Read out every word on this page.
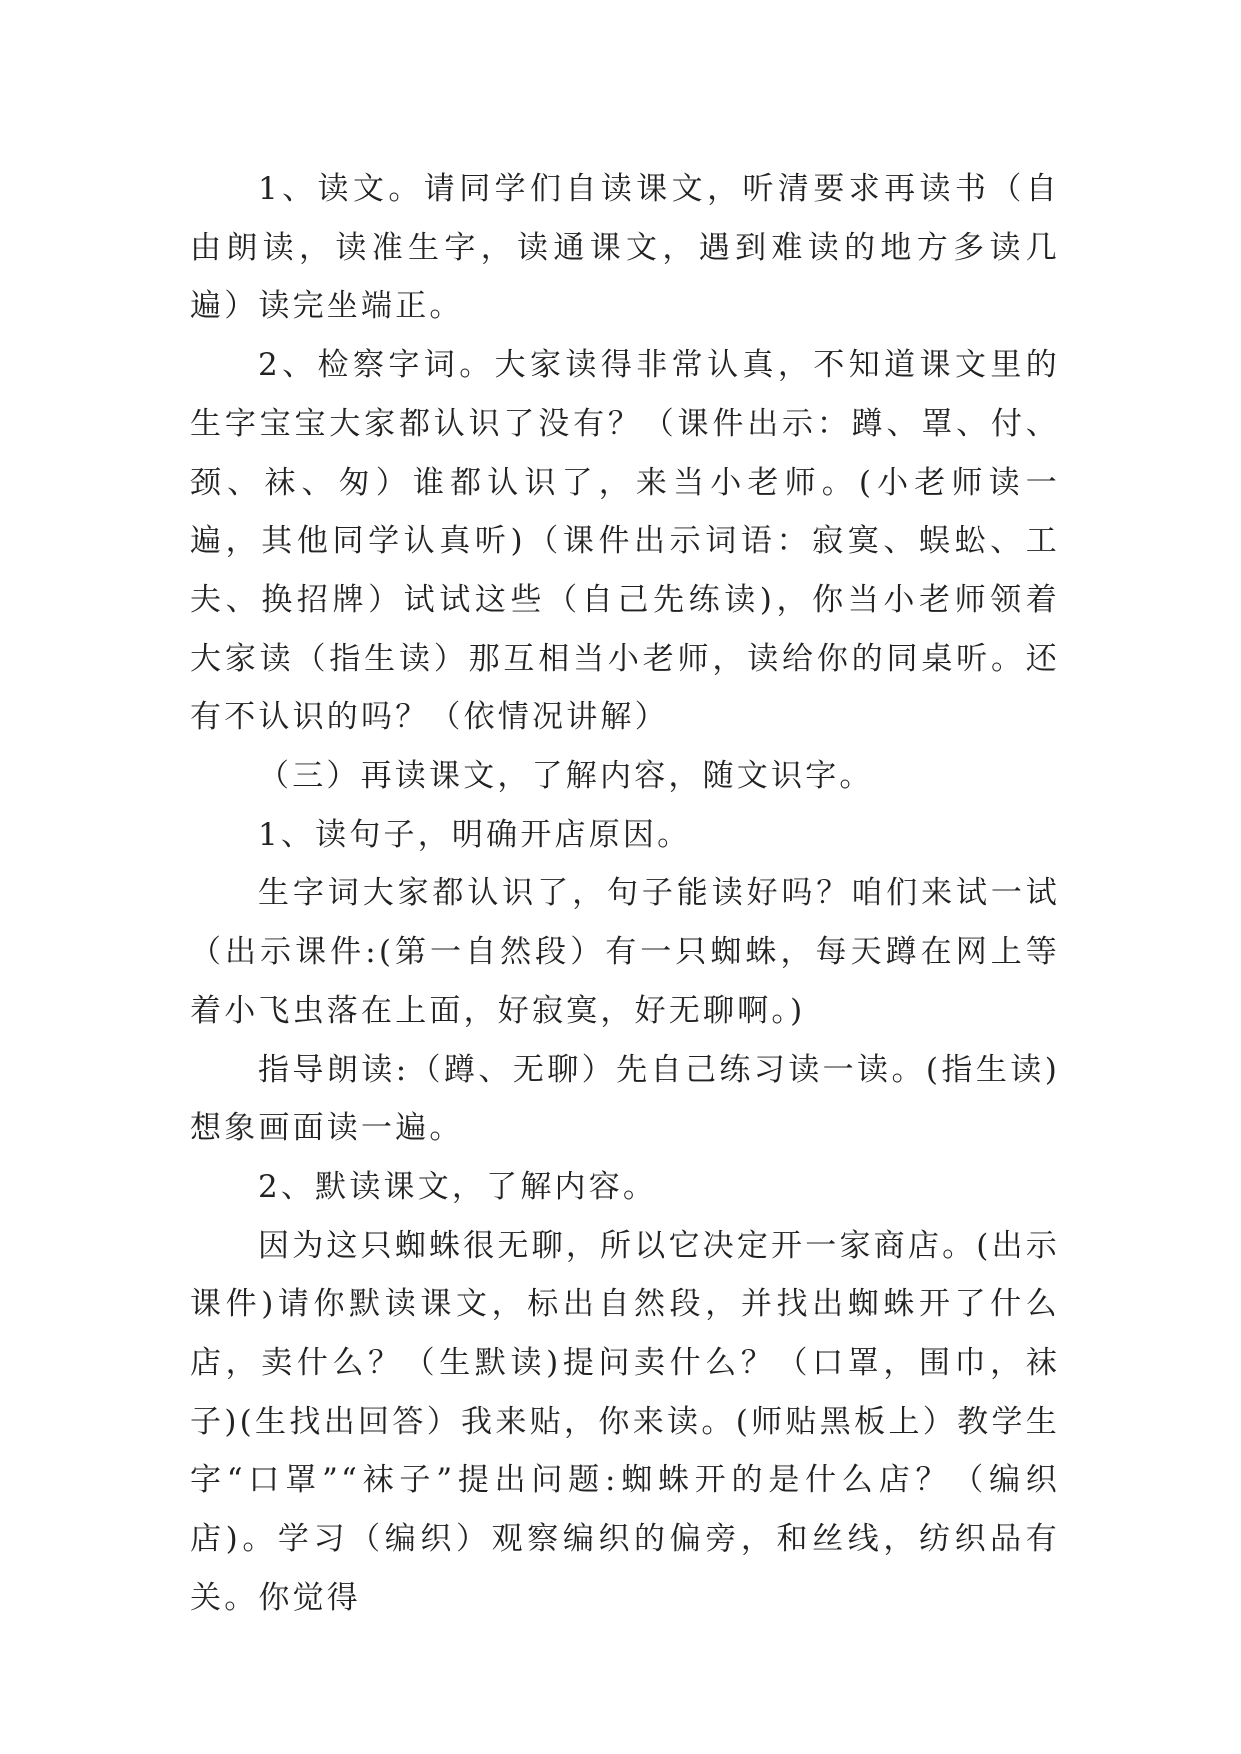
1、读文。请同学们自读课文，听清要求再读书（自由朗读，读准生字，读通课文，遇到难读的地方多读几遍）读完坐端正。

2、检察字词。大家读得非常认真，不知道课文里的生字宝宝大家都认识了没有？（课件出示：蹲、罩、付、颈、袜、匆）谁都认识了，来当小老师。(小老师读一遍，其他同学认真听)（课件出示词语：寂寞、蜈蚣、工夫、换招牌）试试这些（自己先练读)，你当小老师领着大家读（指生读）那互相当小老师，读给你的同桌听。还有不认识的吗？（依情况讲解）

（三）再读课文，了解内容，随文识字。

1、读句子，明确开店原因。

生字词大家都认识了，句子能读好吗？咱们来试一试（出示课件:(第一自然段）有一只蜘蛛，每天蹲在网上等着小飞虫落在上面，好寂寞，好无聊啊。)

指导朗读:（蹲、无聊）先自己练习读一读。(指生读)想象画面读一遍。

2、默读课文，了解内容。

因为这只蜘蛛很无聊，所以它决定开一家商店。(出示课件)请你默读课文，标出自然段，并找出蜘蛛开了什么店，卖什么？（生默读)提问卖什么？（口罩，围巾，袜子)(生找出回答）我来贴，你来读。(师贴黑板上）教学生字“口罩”“袜子”提出问题:蜘蛛开的是什么店？（编织店)。学习（编织）观察编织的偏旁，和丝线，纺织品有关。你觉得
